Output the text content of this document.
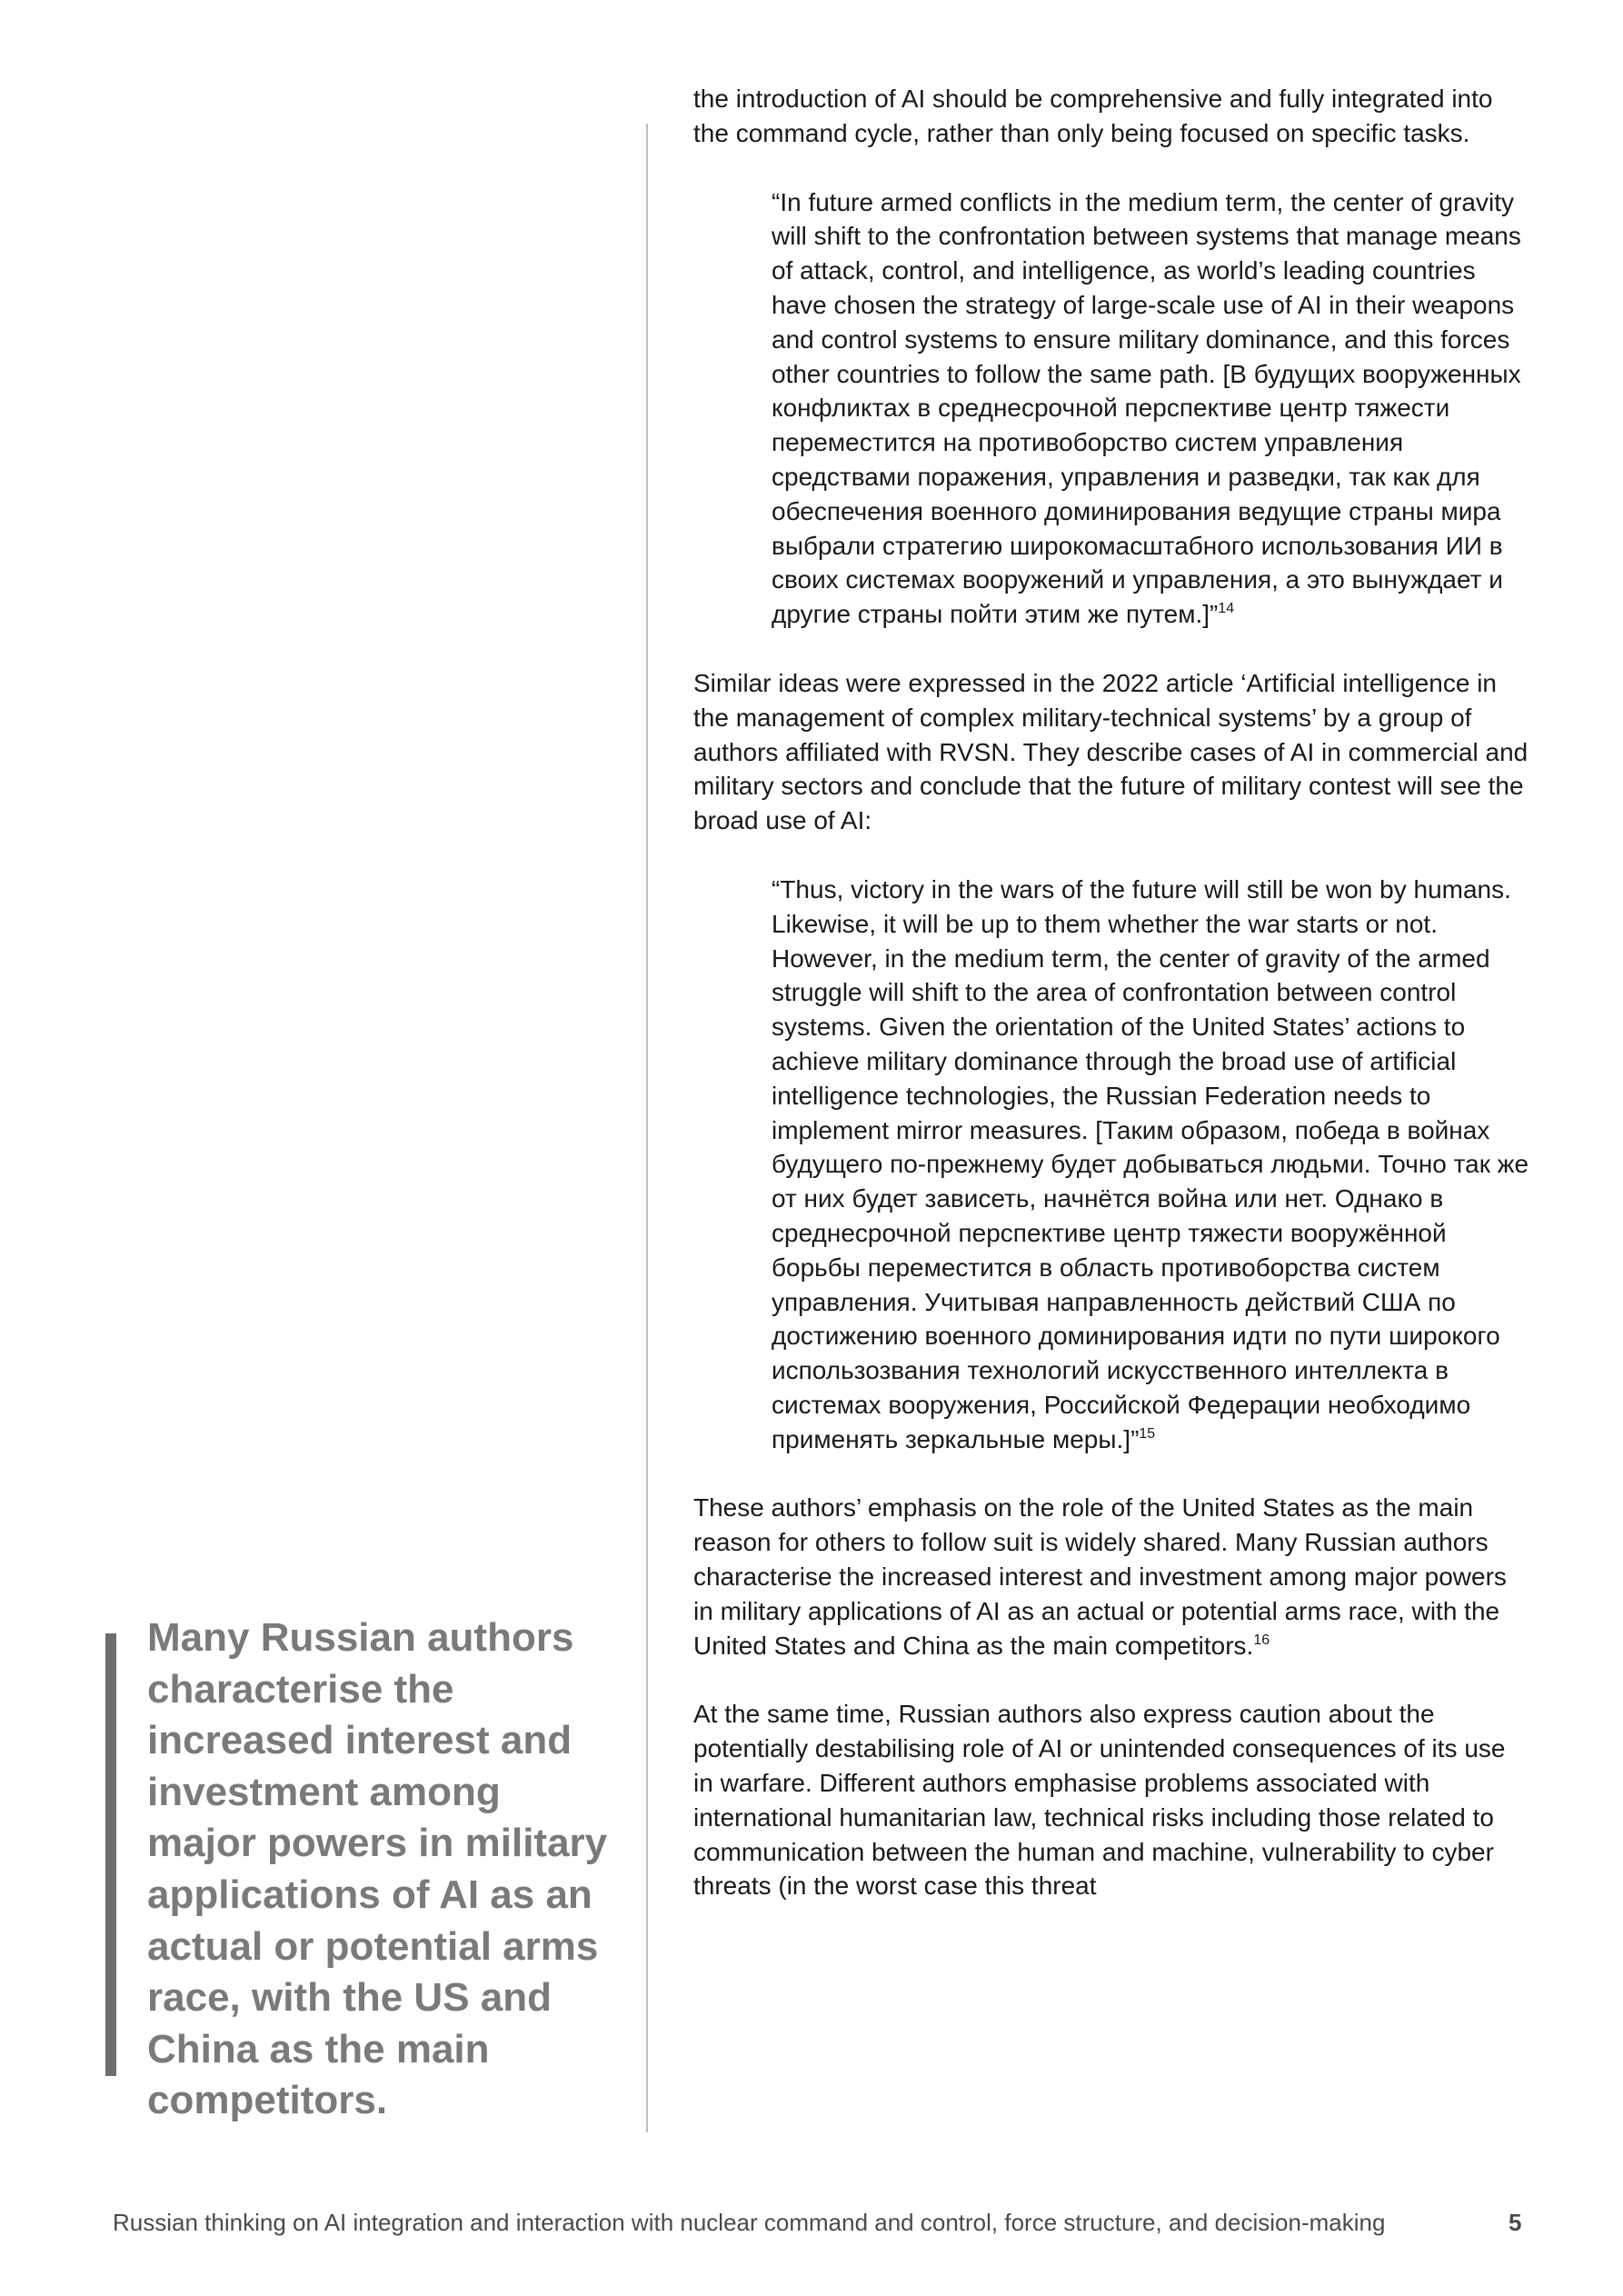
the introduction of AI should be comprehensive and fully integrated into the command cycle, rather than only being focused on specific tasks.

“In future armed conflicts in the medium term, the center of gravity will shift to the confrontation between systems that manage means of attack, control, and intelligence, as world’s leading countries have chosen the strategy of large-scale use of AI in their weapons and control systems to ensure military dominance, and this forces other countries to follow the same path. [В будущих вооруженных конфликтах в среднесрочной перспективе центр тяжести переместится на противоборство систем управления средствами поражения, управления и разведки, так как для обеспечения военного доминирования ведущие страны мира выбрали стратегию широкомасштабного использования ИИ в своих системах вооружений и управления, а это вынуждает и другие страны пойти этим же путем.]”$^{14}$

Similar ideas were expressed in the 2022 article ‘Artificial intelligence in the management of complex military-technical systems’ by a group of authors affiliated with RVSN. They describe cases of AI in commercial and military sectors and conclude that the future of military contest will see the broad use of AI:

“Thus, victory in the wars of the future will still be won by humans. Likewise, it will be up to them whether the war starts or not. However, in the medium term, the center of gravity of the armed struggle will shift to the area of confrontation between control systems. Given the orientation of the United States’ actions to achieve military dominance through the broad use of artificial intelligence technologies, the Russian Federation needs to implement mirror measures. [Таким образом, победа в войнах будущего по-прежнему будет добываться людьми. Точно так же от них будет зависеть, начнётся война или нет. Однако в среднесрочной перспективе центр тяжести вооружённой борьбы переместится в область противоборства систем управления. Учитывая направленность действий США по достижению военного доминирования идти по пути широкого использозвания технологий искусственного интеллекта в системах вооружения, Российской Федерации необходимо применять зеркальные меры.]”$^{15}$

These authors’ emphasis on the role of the United States as the main reason for others to follow suit is widely shared. Many Russian authors characterise the increased interest and investment among major powers in military applications of AI as an actual or potential arms race, with the United States and China as the main competitors.$^{16}$

At the same time, Russian authors also express caution about the potentially destabilising role of AI or unintended consequences of its use in warfare. Different authors emphasise problems associated with international humanitarian law, technical risks including those related to communication between the human and machine, vulnerability to cyber threats (in the worst case this threat

Many Russian authors characterise the increased interest and investment among major powers in military applications of AI as an actual or potential arms race, with the US and China as the main competitors.

Russian thinking on AI integration and interaction with nuclear command and control, force structure, and decision-making	5
